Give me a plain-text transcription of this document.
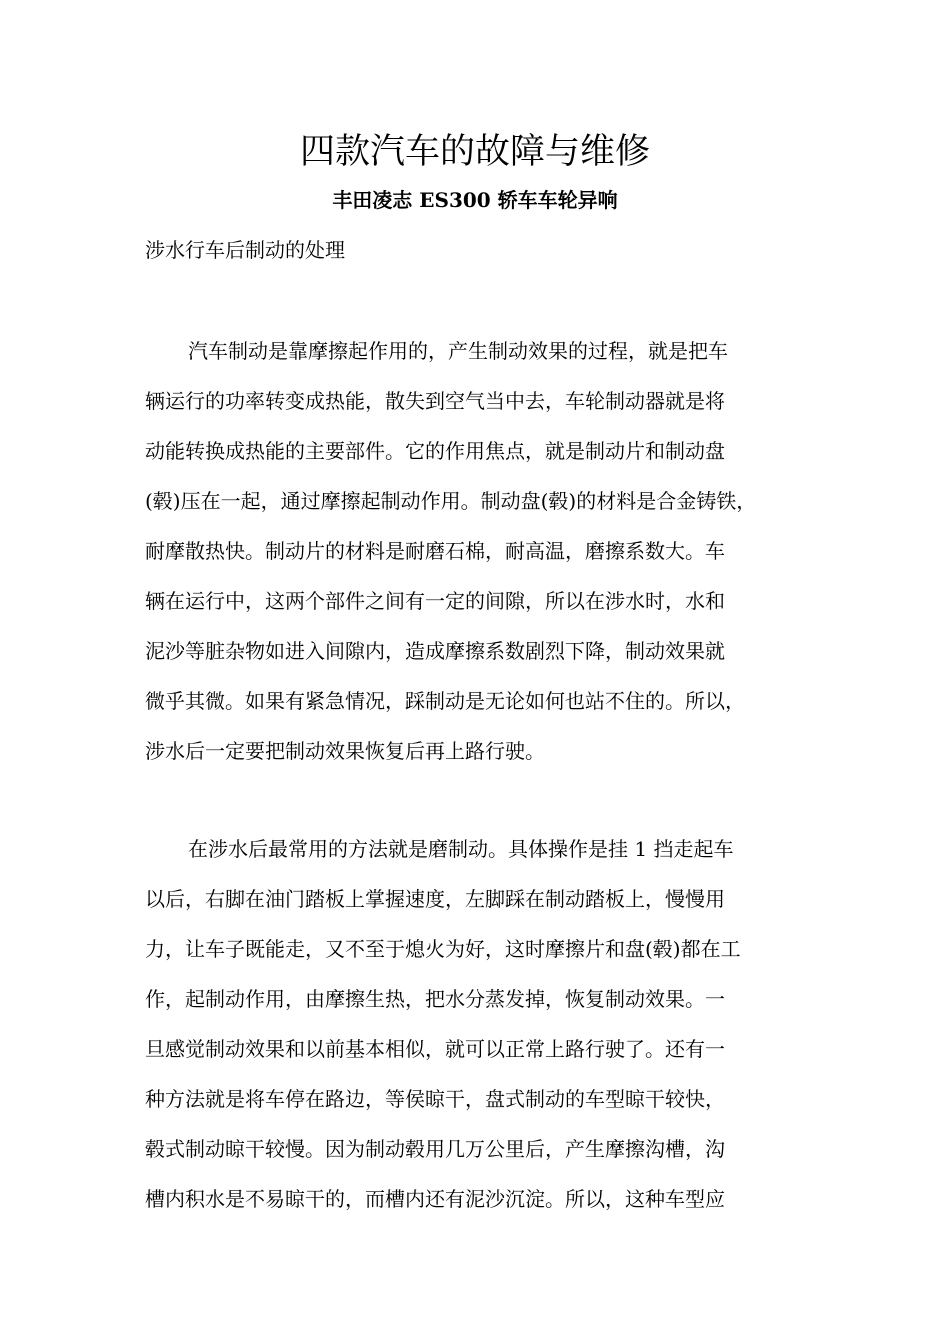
四款汽车的故障与维修
丰田凌志 ES300 轿车车轮异响

涉水行车后制动的处理

汽车制动是靠摩擦起作用的，产生制动效果的过程，就是把车

辆运行的功率转变成热能，散失到空气当中去，车轮制动器就是将

动能转换成热能的主要部件。它的作用焦点，就是制动片和制动盘

(毂)压在一起，通过摩擦起制动作用。制动盘(毂)的材料是合金铸铁，

耐摩散热快。制动片的材料是耐磨石棉，耐高温，磨擦系数大。车

辆在运行中，这两个部件之间有一定的间隙，所以在涉水时，水和

泥沙等脏杂物如进入间隙内，造成摩擦系数剧烈下降，制动效果就

微乎其微。如果有紧急情况，踩制动是无论如何也站不住的。所以，

涉水后一定要把制动效果恢复后再上路行驶。

在涉水后最常用的方法就是磨制动。具体操作是挂 1 挡走起车

以后，右脚在油门踏板上掌握速度，左脚踩在制动踏板上，慢慢用

力，让车子既能走，又不至于熄火为好，这时摩擦片和盘(毂)都在工

作，起制动作用，由摩擦生热，把水分蒸发掉，恢复制动效果。一

旦感觉制动效果和以前基本相似，就可以正常上路行驶了。还有一

种方法就是将车停在路边，等侯晾干，盘式制动的车型晾干较快，

毂式制动晾干较慢。因为制动毂用几万公里后，产生摩擦沟槽，沟

槽内积水是不易晾干的，而槽内还有泥沙沉淀。所以，这种车型应
